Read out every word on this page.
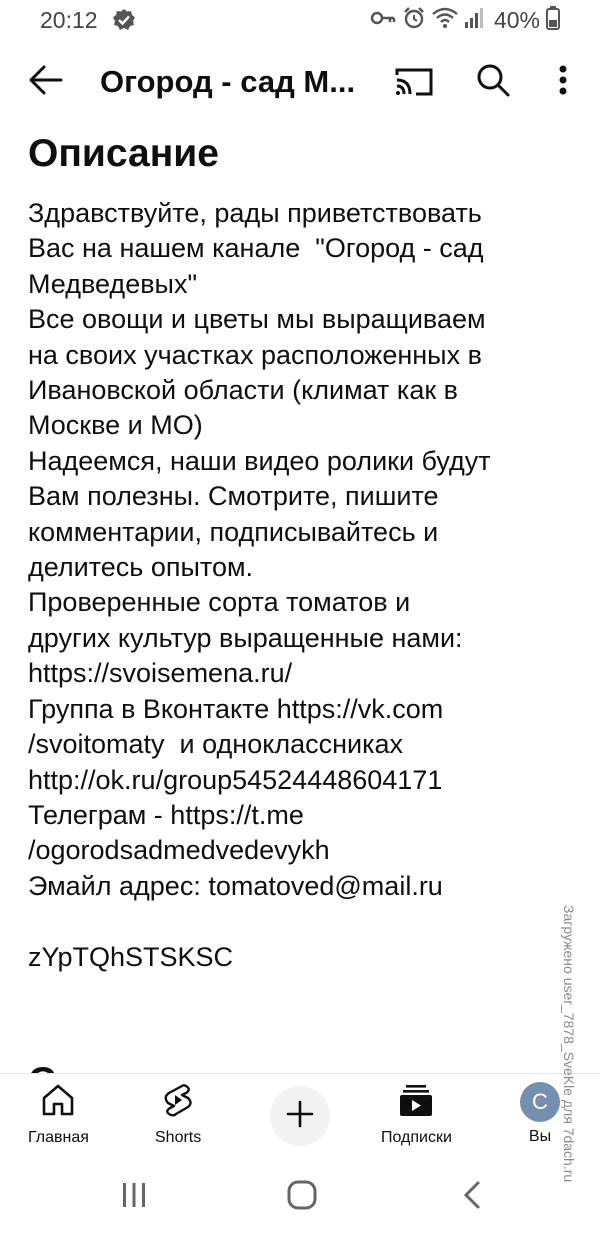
20:12	40%
Огород - сад М...
Описание
Здравствуйте, рады приветствовать
Вас на нашем канале  "Огород - сад
Медведевых"
Все овощи и цветы мы выращиваем
на своих участках расположенных в
Ивановской области (климат как в
Москве и МО)
Надеемся, наши видео ролики будут
Вам полезны. Смотрите, пишите
комментарии, подписывайтесь и
делитесь опытом.
Проверенные сорта томатов и
других культур выращенные нами:
https://svoisemena.ru/
Группа в Вконтакте https://vk.com
/svoitomaty  и одноклассниках
http://ok.ru/group54524448604171
Телеграм - https://t.me
/ogorodsadmedvedevykh
Эмайл адрес: tomatoved@mail.ru
zYpTQhSTSKSC
Главная	Shorts	Подписки
C
Вы Загружено user_7878_SveKle для 7dach.ru
